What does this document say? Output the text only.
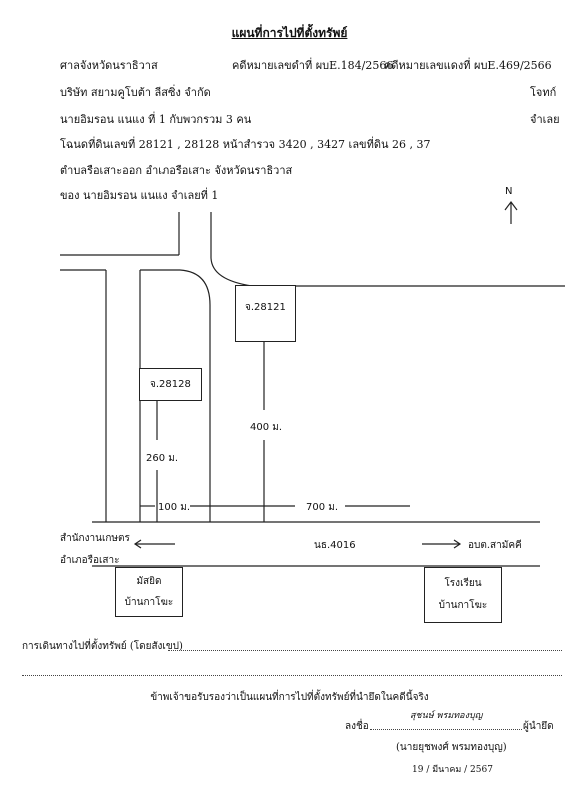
แผนที่การไปที่ตั้งทรัพย์
ศาลจังหวัดนราธิวาส	คดีหมายเลขดำที่ ผบE.184/2566
คดีหมายเลขแดงที่ ผบE.469/2566
บริษัท สยามคูโบต้า ลีสซิ่ง จำกัด	โจทก์
นายอิมรอน แนแง ที่ 1 กับพวกรวม 3 คน	จำเลย
โฉนดที่ดินเลขที่ 28121 , 28128 หน้าสำรวจ 3420 , 3427 เลขที่ดิน 26 , 37
ตำบลรือเสาะออก อำเภอรือเสาะ จังหวัดนราธิวาส
ของ นายอิมรอน แนแง จำเลยที่ 1	N
จ.28121
จ.28128
400 ม.
260 ม.
100 ม.	700 ม.
สำนักงานเกษตร
อำเภอรือเสาะ
นธ.4016	อบต.สามัคคี
มัสยิด
บ้านกาโฆะ
โรงเรียน
บ้านกาโฆะ
การเดินทางไปที่ตั้งทรัพย์ (โดยสังเขป)
ข้าพเจ้าขอรับรองว่าเป็นแผนที่การไปที่ตั้งทรัพย์ที่นำยึดในคดีนี้จริง
ลงชื่อ
สุชนษ์ พรมทองบุญ
ผู้นำยึด
(นายยุชพงศ์ พรมทองบุญ)
19 / มีนาคม / 2567
